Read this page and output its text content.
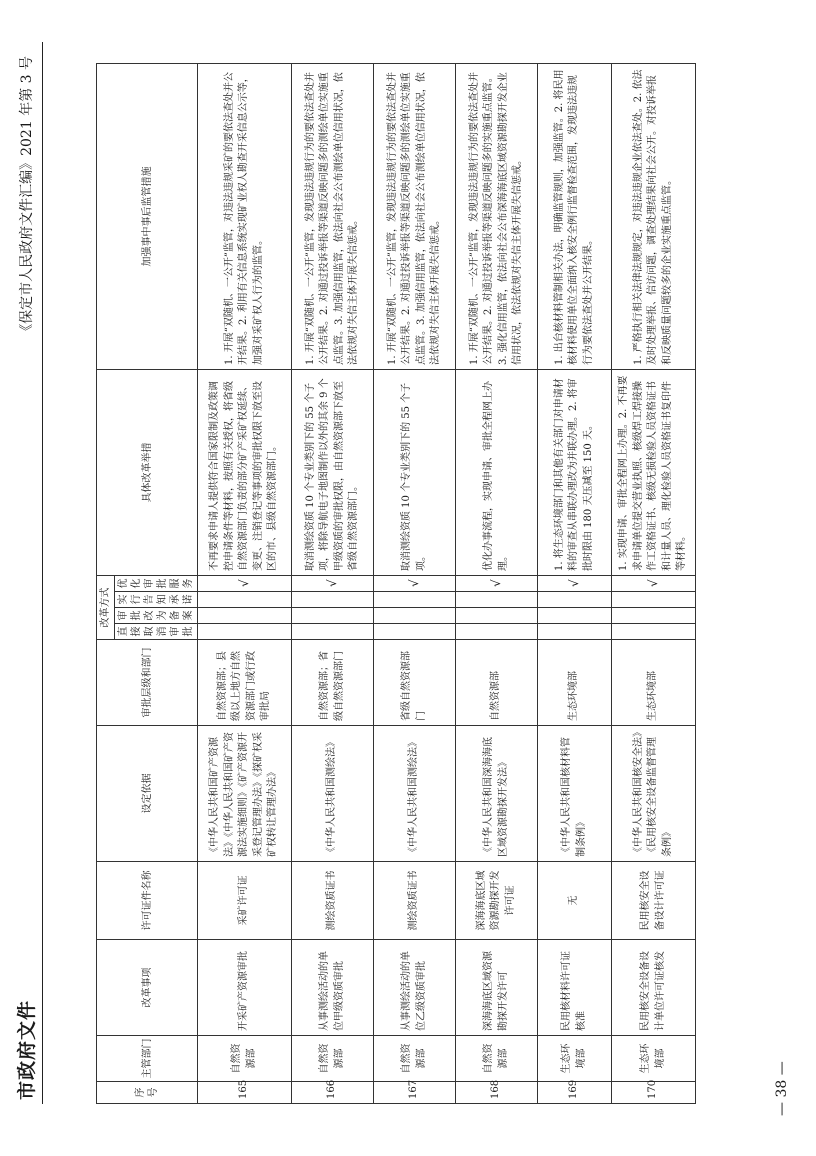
市政府文件
《保定市人民政府文件汇编》2021 年第 3 号
— 38 —
序号	主管部门	改革事项	许可证件名称	设定依据	审批层级和部门	改革方式				具体改革举措	加强事中事后监管措施
						直接取消审批	审批改为备案	实行告知承诺	优化审批服务		
165	自然资源部	开采矿产资源审批	采矿许可证	《中华人民共和国矿产资源法》《中华人民共和国矿产资源法实施细则》《矿产资源开采登记管理办法》《探矿权采矿权转让管理办法》	自然资源部；县级以上地方自然资源部门或行政审批局				√	不再要求申请人提供符合国家限制及政策调控申请条件等材料，按照有关授权，将省级自然资源部门负责的部分矿产采矿权延续、变更、注销登记等事项的审批权限下放至设区的市、县级自然资源部门。	1. 开展“双随机、一公开”监管，对违法违规采矿的要依法查处并公开结果。2. 利用有关信息系统实现矿业权人勘查开采信息公示等，加强对采矿权人行为的监管。
166	自然资源部	从事测绘活动的单位甲级资质审批	测绘资质证书	《中华人民共和国测绘法》	自然资源部；省级自然资源部门				√	取消测绘资质 10 个专业类别下的 55 个子项，将除导航电子地图制作以外的其余 9 个甲级资质的审批权限，由自然资源部下放至省级自然资源部门。	1. 开展“双随机、一公开”监管，发现违法违规行为的要依法查处并公开结果。2. 对通过投诉举报等渠道反映问题多的测绘单位实施重点监管。3. 加强信用监管，依法向社会公布测绘单位信用状况，依法依规对失信主体开展失信惩戒。
167	自然资源部	从事测绘活动的单位乙级资质审批	测绘资质证书	《中华人民共和国测绘法》	省级自然资源部门				√	取消测绘资质 10 个专业类别下的 55 个子项。	1. 开展“双随机、一公开”监管，发现违法违规行为的要依法查处并公开结果。2. 对通过投诉举报等渠道反映问题多的测绘单位实施重点监管。3. 加强信用监管，依法向社会公布测绘单位信用状况，依法依规对失信主体开展失信惩戒。
168	自然资源部	深海海底区域资源勘探开发许可	深海海底区域资源勘探开发许可证	《中华人民共和国深海海底区域资源勘探开发法》	自然资源部				√	优化办事流程，实现申请、审批全程网上办理。	1. 开展“双随机、一公开”监管，发现违法违规行为的要依法查处并公开结果。2. 对通过投诉举报等渠道反映问题多的实施重点监管。3. 强化信用监管，依法向社会公布深海海底区域资源勘探开发企业信用状况，依法依规对失信主体开展失信惩戒。
169	生态环境部	民用核材料许可证核准	无	《中华人民共和国核材料管制条例》	生态环境部				√	1. 将生态环境部门和其他有关部门对申请材料的审查从串联办理改为并联办理。2. 将审批时限由 180 天压减至 150 天。	1. 出台核材料管制相关办法，明确监管规则，加强监管。2. 将民用核材料使用单位全面纳入核安全例行监督检查范围，发现违法违规行为要依法查处并公开结果。
170	生态环境部	民用核安全设备设计单位许可证核发	民用核安全设备设计许可证	《中华人民共和国核安全法》《民用核安全设备监督管理条例》	生态环境部				√	1. 实现申请、审批全程网上办理。2. 不再要求申请单位提交营业执照、核级焊工焊接操作工资格证书、核级无损检验人员资格证书和计量人员、理化检验人员资格证书复印件等材料。	1. 严格执行相关法律法规规定，对违法违规企业依法查处。2. 依法及时处理举报、信访问题，调查处理结果向社会公开。对投诉举报和反映质量问题较多的企业实施重点监管。
